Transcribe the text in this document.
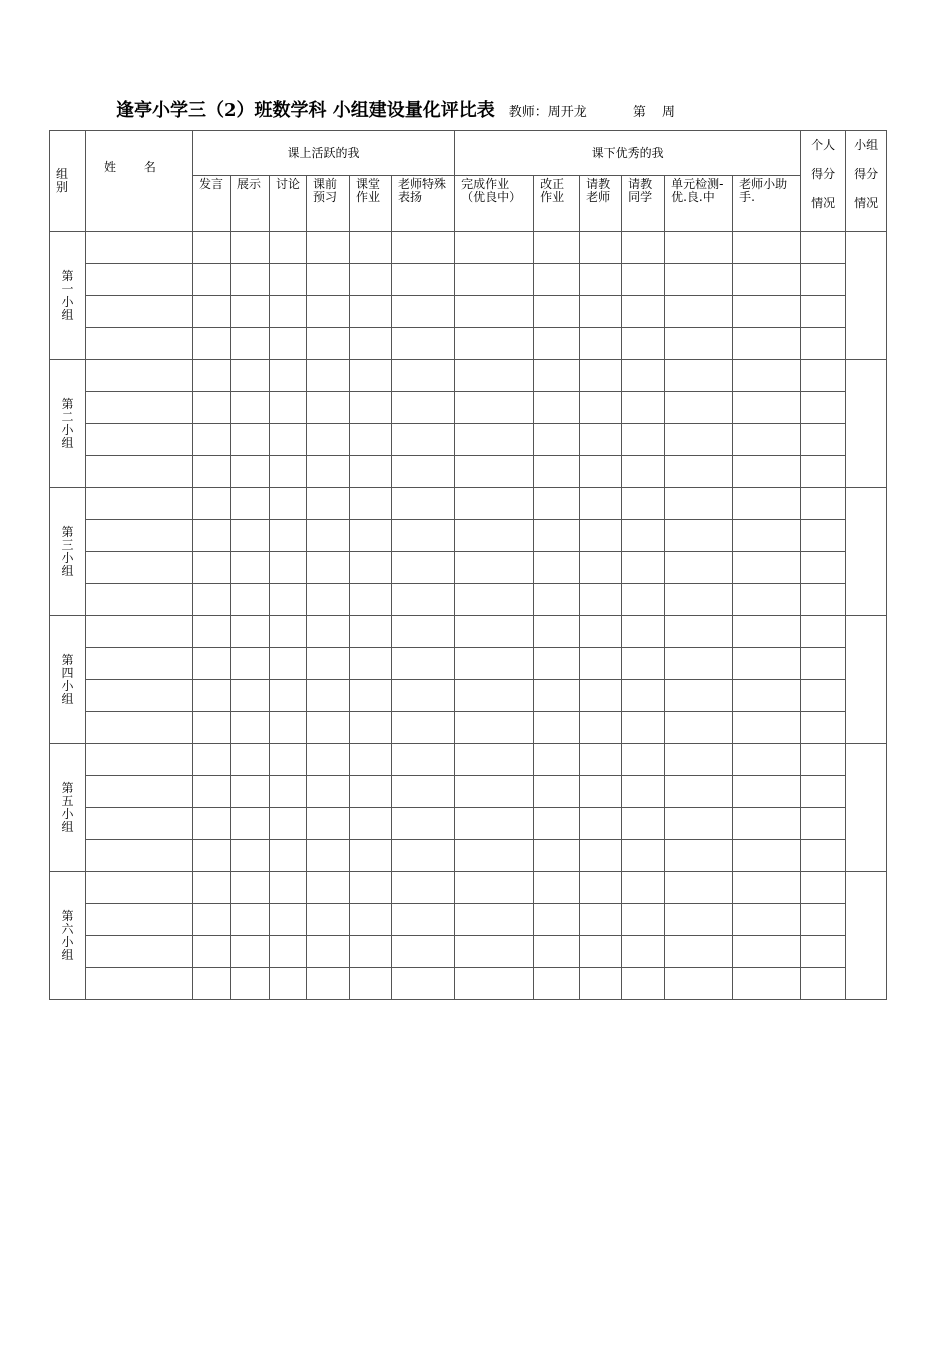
逢亭小学三（2）班数学科 小组建设量化评比表 教师：周开龙	第 周
组别	姓 名	课上活跃的我						课下优秀的我						个人得分情况	小组得分情况
		发言	展示	讨论	课前预习	课堂作业	老师特殊表扬	完成作业（优良中）	改正作业	请教老师	请教同学	单元检测-优.良.中	老师小助手.		
第一小组															

第二小组															

第三小组															

第四小组															

第五小组															

第六小组															
